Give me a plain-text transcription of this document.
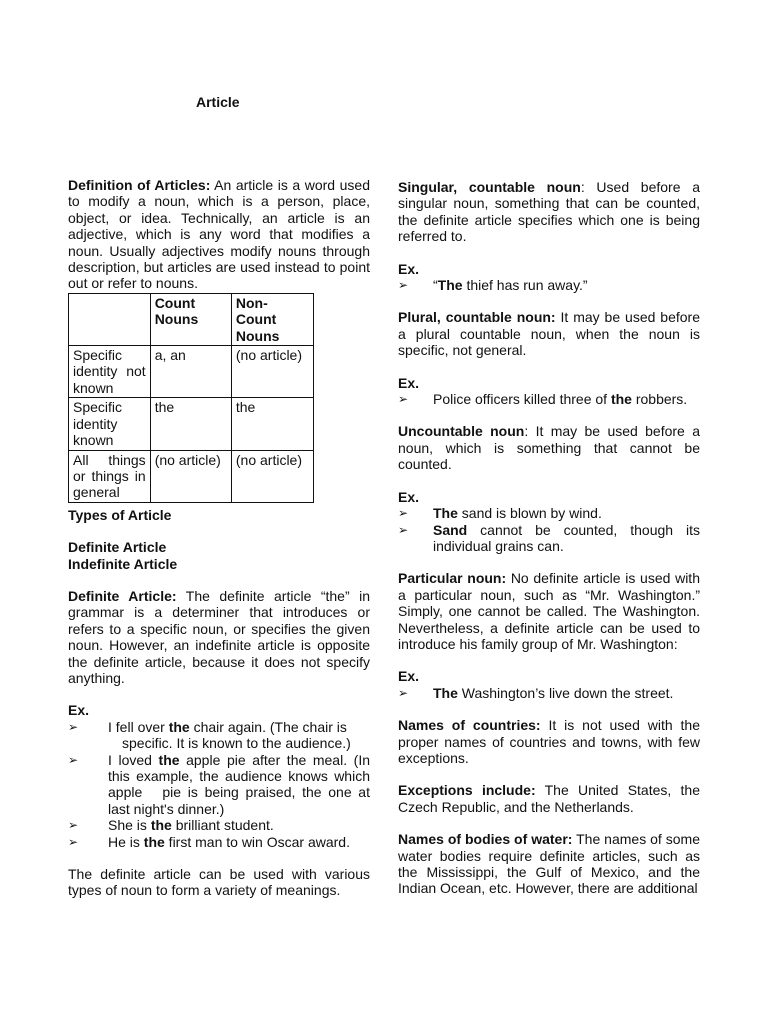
Article

Definition of Articles: An article is a word used to modify a noun, which is a person, place, object, or idea. Technically, an article is an adjective, which is any word that modifies a noun. Usually adjectives modify nouns through description, but articles are used instead to point out or refer to nouns.

	Count Nouns	Non- Count Nouns
Specific identity not known	a, an	(no article)
Specific identity known	the	the
All things or things in general	(no article)	(no article)

Types of Article

Definite Article

Indefinite Article

Definite Article: The definite article “the” in grammar is a determiner that introduces or refers to a specific noun, or specifies the given noun. However, an indefinite article is opposite the definite article, because it does not specify anything.

Ex.

➢ I fell over the chair again. (The chair is
specific. It is known to the audience.)
➢ I loved the apple pie after the meal. (In this example, the audience knows which apple   pie is being praised, the one at last night's dinner.)
➢ She is the brilliant student.
➢ He is the first man to win Oscar award.

The definite article can be used with various types of noun to form a variety of meanings.

Singular, countable noun: Used before a singular noun, something that can be counted, the definite article specifies which one is being referred to.

Ex.

➢ “The thief has run away.”

Plural, countable noun: It may be used before a plural countable noun, when the noun is specific, not general.

Ex.

➢ Police officers killed three of the robbers.

Uncountable noun: It may be used before a noun, which is something that cannot be counted.

Ex.

➢ The sand is blown by wind.
➢ Sand cannot be counted, though its individual grains can.

Particular noun: No definite article is used with a particular noun, such as “Mr. Washington.” Simply, one cannot be called. The Washington. Nevertheless, a definite article can be used to introduce his family group of Mr. Washington:

Ex.

➢ The Washington’s live down the street.

Names of countries: It is not used with the proper names of countries and towns, with few exceptions.

Exceptions include: The United States, the Czech Republic, and the Netherlands.

Names of bodies of water: The names of some water bodies require definite articles, such as the Mississippi, the Gulf of Mexico, and the Indian Ocean, etc. However, there are additional
